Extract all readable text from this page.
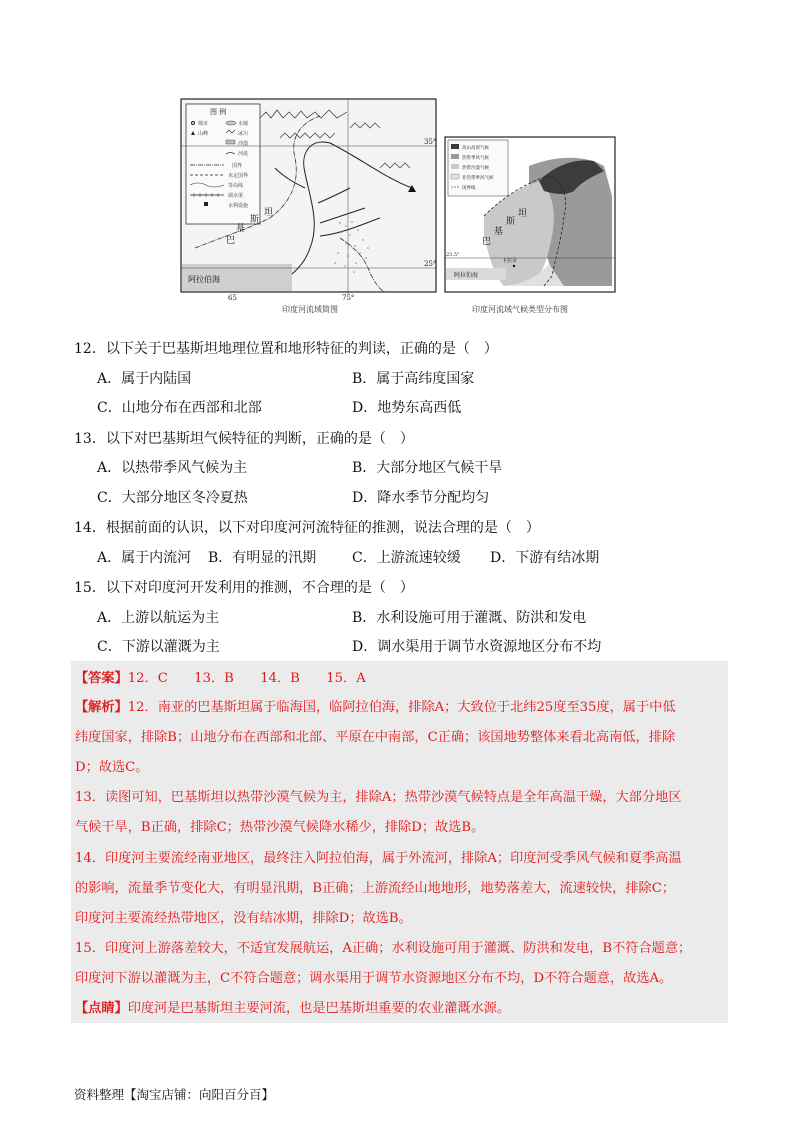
图 例
城市	水域
山峰	冰川
沙漠
河流
国界
未定国界
等高线
调水渠
水利设施
阿拉伯海
巴
基
斯
坦
35°
25°
65	75°
印度河流域简图
高山高原气候
热带季风气候
热带沙漠气候
亚热带季风气候
国界线
巴
基
斯
坦
卡拉奇
阿拉伯海
23.5°
印度河流域气候类型分布图
12．以下关于巴基斯坦地理位置和地形特征的判读，正确的是（　）
A．属于内陆国	B．属于高纬度国家
C．山地分布在西部和北部	D．地势东高西低
13．以下对巴基斯坦气候特征的判断，正确的是（　）
A．以热带季风气候为主	B．大部分地区气候干旱
C．大部分地区冬冷夏热	D．降水季节分配均匀
14．根据前面的认识，以下对印度河河流特征的推测，说法合理的是（　）
A．属于内流河 B．有明显的汛期	C．上游流速较缓 D．下游有结冰期
15．以下对印度河开发利用的推测，不合理的是（　）
A．上游以航运为主	B．水利设施可用于灌溉、防洪和发电
C．下游以灌溉为主	D．调水渠用于调节水资源地区分布不均
【答案】12．C　　13．B　　14．B　　15．A
【解析】12．南亚的巴基斯坦属于临海国，临阿拉伯海，排除A；大致位于北纬25度至35度，属于中低
纬度国家，排除B；山地分布在西部和北部、平原在中南部，C正确；该国地势整体来看北高南低，排除
D；故选C。
13．读图可知，巴基斯坦以热带沙漠气候为主，排除A；热带沙漠气候特点是全年高温干燥，大部分地区
气候干旱，B正确，排除C；热带沙漠气候降水稀少，排除D；故选B。
14．印度河主要流经南亚地区，最终注入阿拉伯海，属于外流河，排除A；印度河受季风气候和夏季高温
的影响，流量季节变化大，有明显汛期，B正确；上游流经山地地形，地势落差大，流速较快，排除C；
印度河主要流经热带地区，没有结冰期，排除D；故选B。
15．印度河上游落差较大，不适宜发展航运，A正确；水利设施可用于灌溉、防洪和发电，B不符合题意；
印度河下游以灌溉为主，C不符合题意；调水渠用于调节水资源地区分布不均，D不符合题意，故选A。
【点睛】印度河是巴基斯坦主要河流，也是巴基斯坦重要的农业灌溉水源。
资料整理【淘宝店铺：向阳百分百】
